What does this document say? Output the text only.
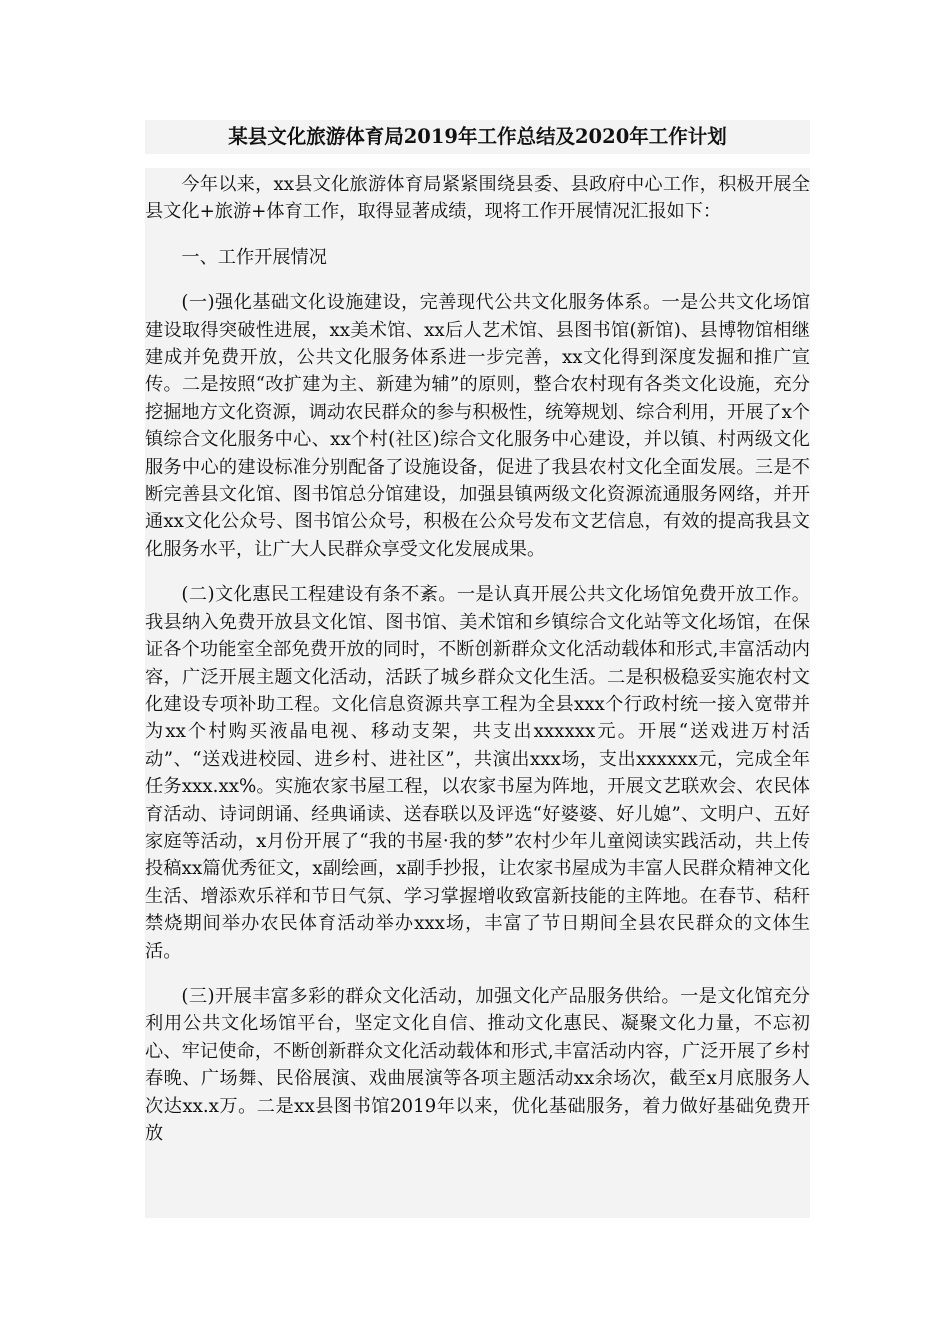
某县文化旅游体育局2019年工作总结及2020年工作计划

今年以来，xx县文化旅游体育局紧紧围绕县委、县政府中心工作，积极开展全县文化+旅游+体育工作，取得显著成绩，现将工作开展情况汇报如下：

一、工作开展情况

(一)强化基础文化设施建设，完善现代公共文化服务体系。一是公共文化场馆建设取得突破性进展，xx美术馆、xx后人艺术馆、县图书馆(新馆)、县博物馆相继建成并免费开放，公共文化服务体系进一步完善，xx文化得到深度发掘和推广宣传。二是按照“改扩建为主、新建为辅”的原则，整合农村现有各类文化设施，充分挖掘地方文化资源，调动农民群众的参与积极性，统筹规划、综合利用，开展了x个镇综合文化服务中心、xx个村(社区)综合文化服务中心建设，并以镇、村两级文化服务中心的建设标准分别配备了设施设备，促进了我县农村文化全面发展。三是不断完善县文化馆、图书馆总分馆建设，加强县镇两级文化资源流通服务网络，并开通xx文化公众号、图书馆公众号，积极在公众号发布文艺信息，有效的提高我县文化服务水平，让广大人民群众享受文化发展成果。

(二)文化惠民工程建设有条不紊。一是认真开展公共文化场馆免费开放工作。我县纳入免费开放县文化馆、图书馆、美术馆和乡镇综合文化站等文化场馆，在保证各个功能室全部免费开放的同时，不断创新群众文化活动载体和形式,丰富活动内容，广泛开展主题文化活动，活跃了城乡群众文化生活。二是积极稳妥实施农村文化建设专项补助工程。文化信息资源共享工程为全县xxx个行政村统一接入宽带并为xx个村购买液晶电视、移动支架，共支出xxxxxx元。开展“送戏进万村活动”、“送戏进校园、进乡村、进社区”，共演出xxx场，支出xxxxxx元，完成全年任务xxx.xx%。实施农家书屋工程，以农家书屋为阵地，开展文艺联欢会、农民体育活动、诗词朗诵、经典诵读、送春联以及评选“好婆婆、好儿媳”、文明户、五好家庭等活动，x月份开展了“我的书屋·我的梦”农村少年儿童阅读实践活动，共上传投稿xx篇优秀征文，x副绘画，x副手抄报，让农家书屋成为丰富人民群众精神文化生活、增添欢乐祥和节日气氛、学习掌握增收致富新技能的主阵地。在春节、秸秆禁烧期间举办农民体育活动举办xxx场，丰富了节日期间全县农民群众的文体生活。

(三)开展丰富多彩的群众文化活动，加强文化产品服务供给。一是文化馆充分利用公共文化场馆平台，坚定文化自信、推动文化惠民、凝聚文化力量，不忘初心、牢记使命，不断创新群众文化活动载体和形式,丰富活动内容，广泛开展了乡村春晚、广场舞、民俗展演、戏曲展演等各项主题活动xx余场次，截至x月底服务人次达xx.x万。二是xx县图书馆2019年以来，优化基础服务，着力做好基础免费开放
